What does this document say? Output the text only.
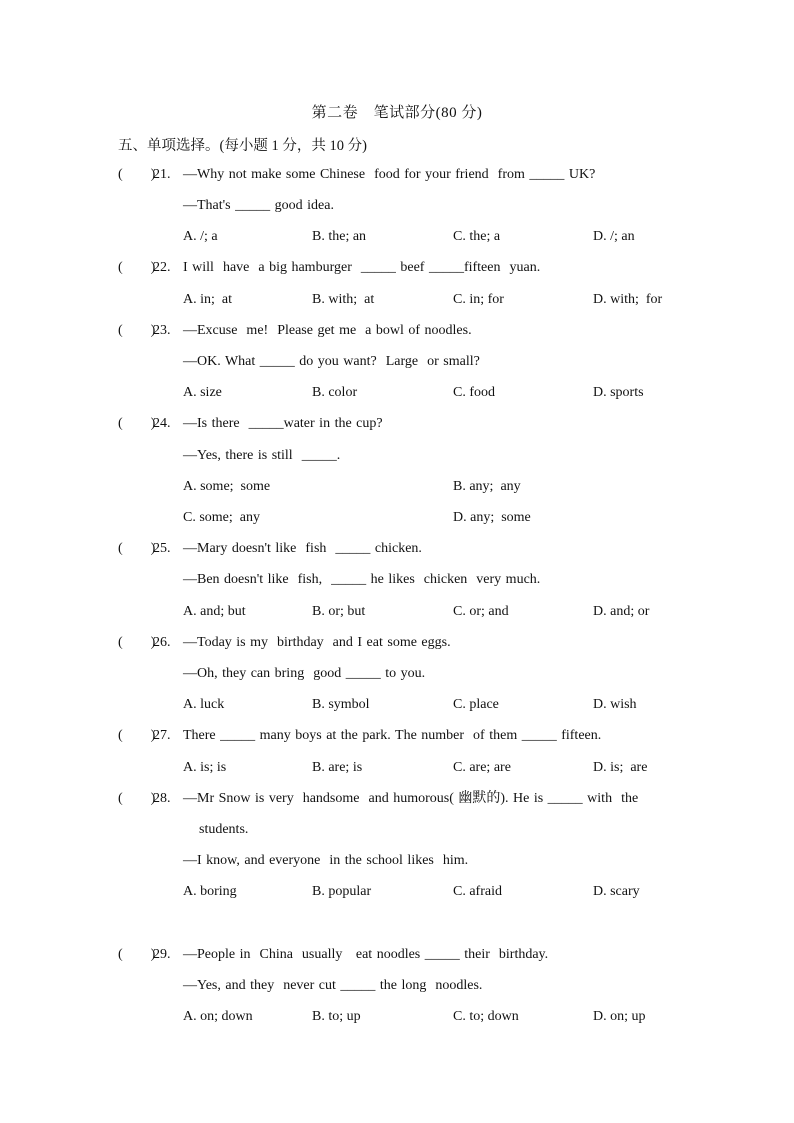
第二卷　笔试部分(80 分)
五、单项选择。(每小题 1 分，共 10 分)
(　　)
21. —Why not make some Chinese  food for your friend  from _____ UK?
—That's _____ good idea.
A. /; a	B. the; an	C. the; a	D. /; an
(　　)
22. I will  have  a big hamburger  _____ beef _____fifteen  yuan.
A. in;  at	B. with;  at	C. in; for	D. with;  for
(　　)
23. —Excuse  me!  Please get me  a bowl of noodles.
—OK. What _____ do you want?  Large  or small?
A. size	B. color	C. food	D. sports
(　　)
24. —Is there  _____water in the cup?
—Yes, there is still  _____.
A. some;  some	B. any;  any
C. some;  any	D. any;  some
(　　)
25. —Mary doesn't like  fish  _____ chicken.
—Ben doesn't like  fish,  _____ he likes  chicken  very much.
A. and; but	B. or; but	C. or; and	D. and; or
(　　)
26. —Today is my  birthday  and I eat some eggs.
—Oh, they can bring  good _____ to you.
A. luck	B. symbol	C. place	D. wish
(　　)
27. There _____ many boys at the park. The number  of them _____ fifteen.
A. is; is	B. are; is	C. are; are	D. is;  are
(　　)
28. —Mr Snow is very  handsome  and humorous( 幽默的). He is _____ with  the
students.
—I know, and everyone  in the school likes  him.
A. boring	B. popular	C. afraid	D. scary
(　　)
29. —People in  China  usually   eat noodles _____ their  birthday.
—Yes, and they  never cut _____ the long  noodles.
A. on; down	B. to; up	C. to; down	D. on; up
